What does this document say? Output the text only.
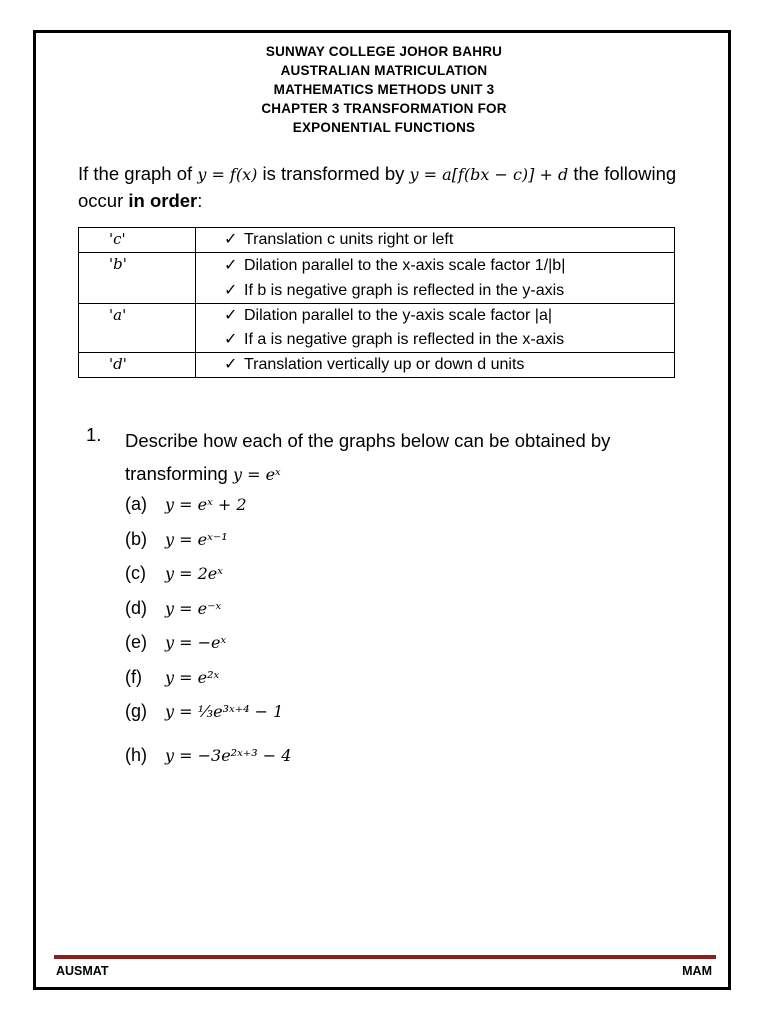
SUNWAY COLLEGE JOHOR BAHRU
AUSTRALIAN MATRICULATION
MATHEMATICS METHODS UNIT 3
CHAPTER 3 TRANSFORMATION FOR
EXPONENTIAL FUNCTIONS
If the graph of y = f(x) is transformed by y = a[f(bx − c)] + d the following occur in order:
'c'	✓ Translation c units right or left

'b'	✓ Dilation parallel to the x-axis scale factor 1/|b|
✓ If b is negative graph is reflected in the y-axis

'a'	✓ Dilation parallel to the y-axis scale factor |a|
✓ If a is negative graph is reflected in the x-axis

'd'	✓ Translation vertically up or down d units
1. Describe how each of the graphs below can be obtained by transforming y = eˣ
(a) y = eˣ + 2
(b) y = eˣ⁻¹
(c) y = 2eˣ
(d) y = e⁻ˣ
(e) y = −eˣ
(f) y = e²ˣ
(g) y = ⅓e³ˣ⁺⁴ − 1
(h) y = −3e²ˣ⁺³ − 4
AUSMAT	MAM
